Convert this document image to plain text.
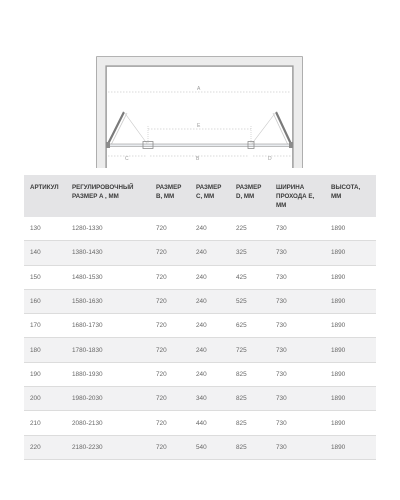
A
E
C	B	D
АРТИКУЛ	РЕГУЛИРОВОЧНЫЙ РАЗМЕР A , ММ	РАЗМЕР B, ММ	РАЗМЕР C, ММ	РАЗМЕР D, ММ	ШИРИНА ПРОХОДА E, ММ	ВЫСОТА, ММ
130	1280-1330	720	240	225	730	1890
140	1380-1430	720	240	325	730	1890
150	1480-1530	720	240	425	730	1890
160	1580-1630	720	240	525	730	1890
170	1680-1730	720	240	625	730	1890
180	1780-1830	720	240	725	730	1890
190	1880-1930	720	240	825	730	1890
200	1980-2030	720	340	825	730	1890
210	2080-2130	720	440	825	730	1890
220	2180-2230	720	540	825	730	1890
